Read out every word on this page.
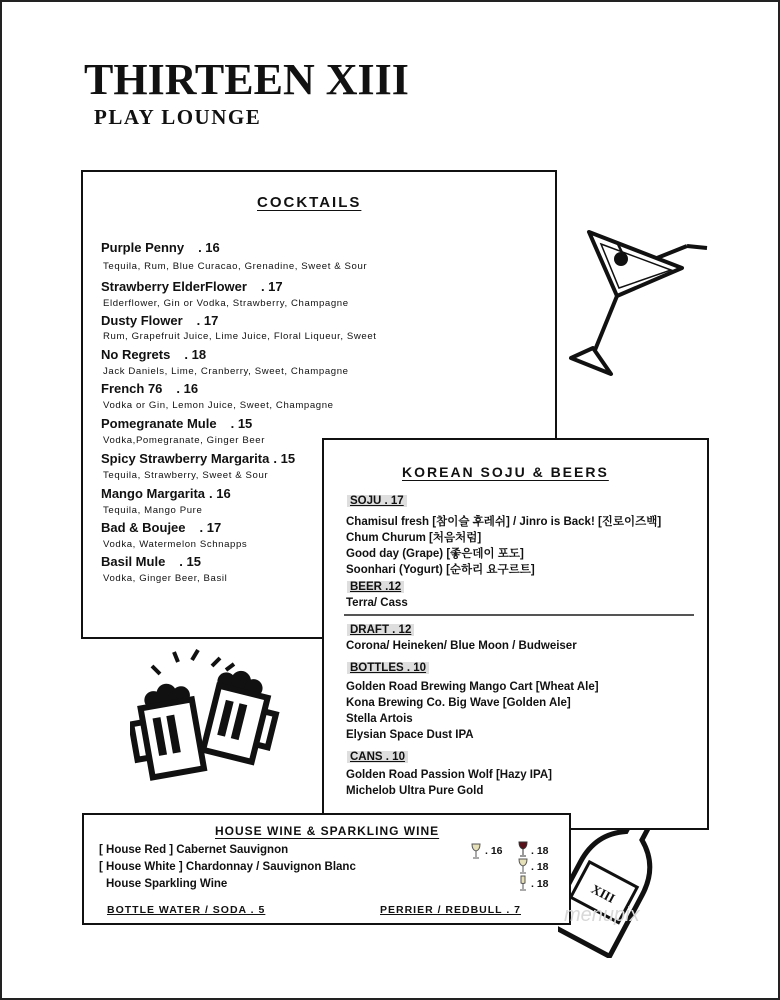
THIRTEEN XIII
PLAY LOUNGE
XIII
COCKTAILS
Purple Penny . 16
Tequila, Rum, Blue Curacao, Grenadine, Sweet & Sour
Strawberry ElderFlower . 17
Elderflower, Gin or Vodka, Strawberry, Champagne
Dusty Flower . 17
Rum, Grapefruit Juice, Lime Juice, Floral Liqueur, Sweet
No Regrets . 18
Jack Daniels, Lime, Cranberry, Sweet, Champagne
French 76 . 16
Vodka or Gin, Lemon Juice, Sweet, Champagne
Pomegranate Mule . 15
Vodka,Pomegranate, Ginger Beer
Spicy Strawberry Margarita . 15
Tequila, Strawberry, Sweet & Sour
Mango Margarita . 16
Tequila, Mango Pure
Bad & Boujee . 17
Vodka, Watermelon Schnapps
Basil Mule . 15
Vodka, Ginger Beer, Basil
KOREAN SOJU & BEERS
SOJU . 17
Chamisul fresh [참이슬 후레쉬] / Jinro is Back! [진로이즈백]
Chum Churum [처음처럼]
Good day (Grape) [좋은데이 포도]
Soonhari (Yogurt) [순하리 요구르트]
BEER .12
Terra/ Cass
DRAFT . 12
Corona/ Heineken/ Blue Moon / Budweiser
BOTTLES . 10
Golden Road Brewing Mango Cart [Wheat Ale]
Kona Brewing Co. Big Wave [Golden Ale]
Stella Artois
Elysian Space Dust IPA
CANS . 10
Golden Road Passion Wolf [Hazy IPA]
Michelob Ultra Pure Gold
HOUSE WINE & SPARKLING WINE
[ House Red ] Cabernet Sauvignon
[ House White ] Chardonnay / Sauvignon Blanc
House Sparkling Wine
. 16	. 18
. 18
. 18
BOTTLE WATER / SODA . 5	PERRIER / REDBULL . 7 menupix
